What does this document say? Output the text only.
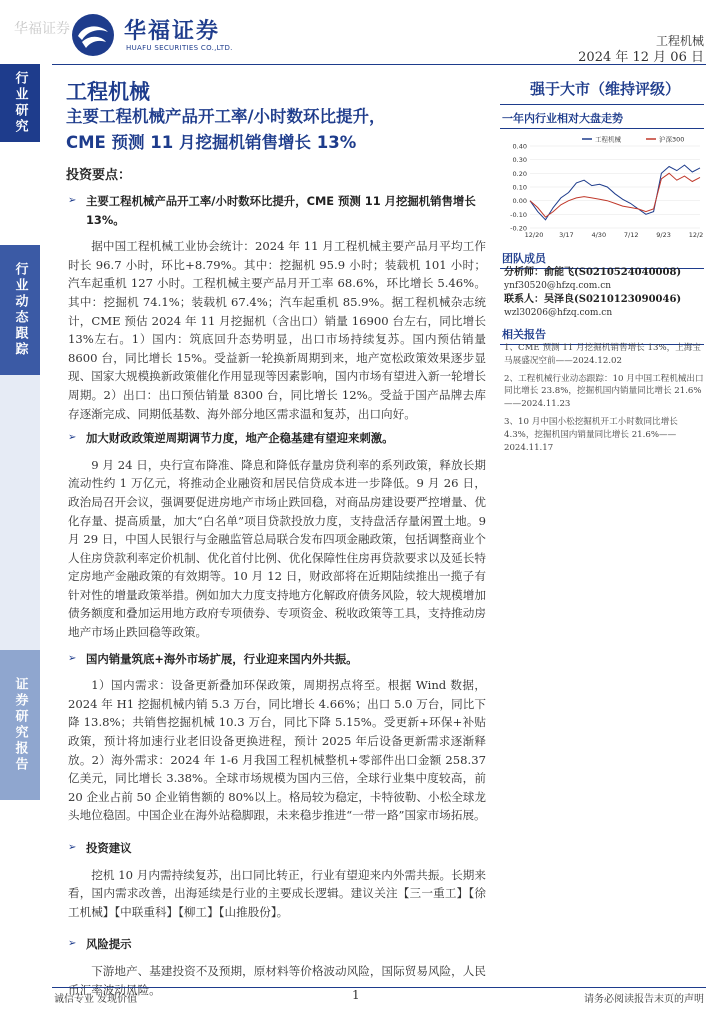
华福证券 华福证券
HUAFU SECURITIES CO.,LTD.	工程机械
2024 年 12 月 06 日
行业研究
行业动态跟踪
证券研究报告
工程机械
主要工程机械产品开工率/小时数环比提升，
CME 预测 11 月挖掘机销售增长 13%
投资要点：
➢ 主要工程机械产品开工率/小时数环比提升，CME 预测 11 月挖掘机销售增长 13%。

据中国工程机械工业协会统计：2024 年 11 月工程机械主要产品月平均工作时长 96.7 小时，环比+8.79%。其中：挖掘机 95.9 小时；装载机 101 小时；汽车起重机 127 小时。工程机械主要产品月开工率 68.6%，环比增长 5.46%。其中：挖掘机 74.1%；装载机 67.4%；汽车起重机 85.9%。据工程机械杂志统计，CME 预估 2024 年 11 月挖掘机（含出口）销量 16900 台左右，同比增长 13%左右。1）国内：筑底回升态势明显，出口市场持续复苏。国内预估销量 8600 台，同比增长 15%。受益新一轮换新周期到来，地产宽松政策效果逐步显现、国家大规模换新政策催化作用显现等因素影响，国内市场有望进入新一轮增长周期。2）出口：出口预估销量 8300 台，同比增长 12%。受益于国产品牌去库存逐渐完成、同期低基数、海外部分地区需求温和复苏，出口向好。

➢ 加大财政政策逆周期调节力度，地产企稳基建有望迎来刺激。

9 月 24 日，央行宣布降准、降息和降低存量房贷利率的系列政策，释放长期流动性约 1 万亿元，将推动企业融资和居民信贷成本进一步降低。9 月 26 日，政治局召开会议，强调要促进房地产市场止跌回稳，对商品房建设要严控增量、优化存量、提高质量，加大“白名单”项目贷款投放力度，支持盘活存量闲置土地。9 月 29 日，中国人民银行与金融监管总局联合发布四项金融政策，包括调整商业个人住房贷款利率定价机制、优化首付比例、优化保障性住房再贷款要求以及延长特定房地产金融政策的有效期等。10 月 12 日，财政部将在近期陆续推出一揽子有针对性的增量政策举措。例如加大力度支持地方化解政府债务风险，较大规模增加债务额度和叠加运用地方政府专项债券、专项资金、税收政策等工具，支持推动房地产市场止跌回稳等政策。

➢ 国内销量筑底+海外市场扩展，行业迎来国内外共振。

1）国内需求：设备更新叠加环保政策，周期拐点将至。根据 Wind 数据，2024 年 H1 挖掘机械内销 5.3 万台，同比增长 4.66%；出口 5.0 万台，同比下降 13.8%；共销售挖掘机械 10.3 万台，同比下降 5.15%。受更新+环保+补贴政策，预计将加速行业老旧设备更换进程，预计 2025 年后设备更新需求逐渐释放。2）海外需求：2024 年 1-6 月我国工程机械整机+零部件出口金额 258.37 亿美元，同比增长 3.38%。全球市场规模为国内三倍，全球行业集中度较高，前 20 企业占前 50 企业销售额的 80%以上。格局较为稳定，卡特彼勒、小松全球龙头地位稳固。中国企业在海外站稳脚跟，未来稳步推进“一带一路”国家市场拓展。

➢ 投资建议

挖机 10 月内需持续复苏，出口同比转正，行业有望迎来内外需共振。长期来看，国内需求改善，出海延续是行业的主要成长逻辑。建议关注【三一重工】【徐工机械】【中联重科】【柳工】【山推股份】。

➢ 风险提示

下游地产、基建投资不及预期，原材料等价格波动风险，国际贸易风险，人民币汇率波动风险。

强于大市（维持评级）
一年内行业相对大盘走势
0.40
0.30
0.20
0.10
0.00
-0.10
-0.20
12/20 3/17	4/30	7/12	9/23	12/2
工程机械	沪深300
团队成员
分析师：俞能飞(S0210524040008)
ynf30520@hfzq.com.cn
联系人：吴泽良(S0210123090046)
wzl30206@hfzq.com.cn
相关报告
1、CME 预测 11 月挖掘机销售增长 13%，上海宝马展盛况空前——2024.12.02
2、工程机械行业动态跟踪：10 月中国工程机械出口同比增长 23.8%，挖掘机国内销量同比增长 21.6%——2024.11.23
3、10 月中国小松挖掘机开工小时数同比增长 4.3%，挖掘机国内销量同比增长 21.6%——2024.11.17
诚信专业 发现价值	1	请务必阅读报告末页的声明
